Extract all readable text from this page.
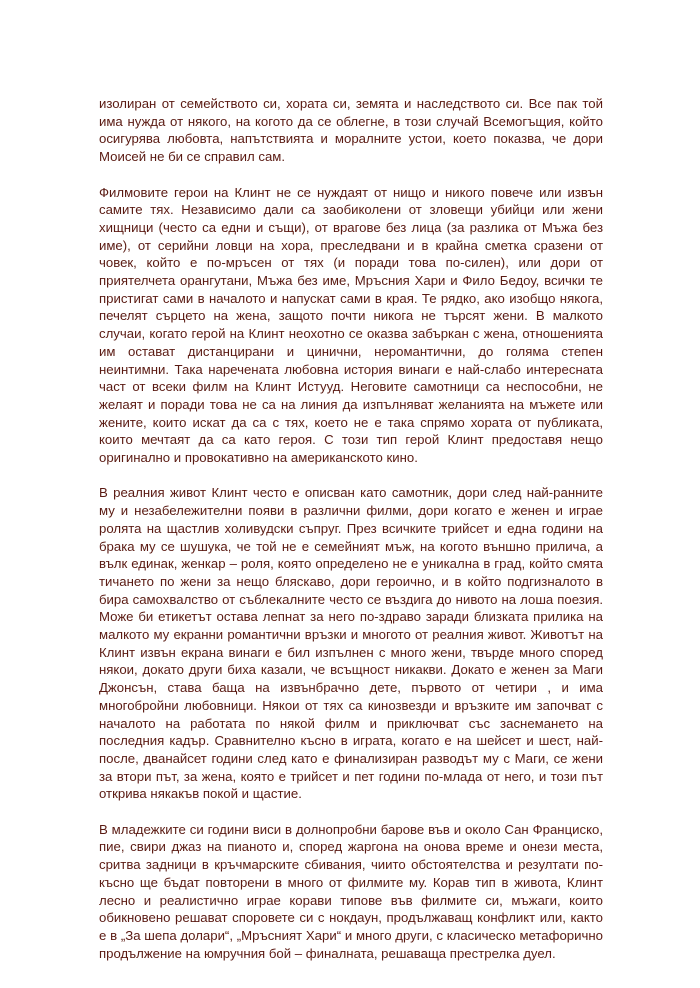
изолиран от семейството си, хората си, земята и наследството си. Все пак той има нужда от някого, на когото да се облегне, в този случай Всемогъщия, който осигурява любовта, напътствията и моралните устои, което показва, че дори Моисей не би се справил сам.

Филмовите герои на Клинт не се нуждаят от нищо и никого повече или извън самите тях. Независимо дали са заобиколени от зловещи убийци или жени хищници (често са едни и същи), от врагове без лица (за разлика от Мъжа без име), от серийни ловци на хора, преследвани и в крайна сметка сразени от човек, който е по-мръсен от тях (и поради това по-силен), или дори от приятелчета орангутани, Мъжа без име, Мръсния Хари и Фило Бедоу, всички те пристигат сами в началото и напускат сами в края. Те рядко, ако изобщо някога, печелят сърцето на жена, защото почти никога не търсят жени. В малкото случаи, когато герой на Клинт неохотно се оказва забъркан с жена, отношенията им остават дистанцирани и цинични, неромантични, до голяма степен неинтимни. Така наречената любовна история винаги е най-слабо интересната част от всеки филм на Клинт Истууд. Неговите самотници са неспособни, не желаят и поради това не са на линия да изпълняват желанията на мъжете или жените, които искат да са с тях, което не е така спрямо хората от публиката, които мечтаят да са като героя. С този тип герой Клинт предоставя нещо оригинално и провокативно на американското кино.

В реалния живот Клинт често е описван като самотник, дори след най-ранните му и незабележителни появи в различни филми, дори когато е женен и играе ролята на щастлив холивудски съпруг. През всичките трийсет и една години на брака му се шушука, че той не е семейният мъж, на когото външно прилича, а вълк единак, женкар – роля, която определено не е уникална в град, който смята тичането по жени за нещо бляскаво, дори героично, и в който подгизналото в бира самохвалство от съблекалните често се въздига до нивото на лоша поезия. Може би етикетът остава лепнат за него по-здраво заради близката прилика на малкото му екранни романтични връзки и многото от реалния живот. Животът на Клинт извън екрана винаги е бил изпълнен с много жени, твърде много според някои, докато други биха казали, че всъщност никакви. Докато е женен за Маги Джонсън, става баща на извънбрачно дете, първото от четири , и има многобройни любовници. Някои от тях са кинозвезди и връзките им започват с началото на работата по някой филм и приключват със заснемането на последния кадър. Сравнително късно в играта, когато е на шейсет и шест, най-после, дванайсет години след като е финализиран разводът му с Маги, се жени за втори път, за жена, която е трийсет и пет години по-млада от него, и този път открива някакъв покой и щастие.

В младежките си години виси в долнопробни барове във и около Сан Франциско, пие, свири джаз на пианото и, според жаргона на онова време и онези места, сритва задници в кръчмарските сбивания, чиито обстоятелства и резултати по-късно ще бъдат повторени в много от филмите му. Корав тип в живота, Клинт лесно и реалистично играе корави типове във филмите си, мъжаги, които обикновено решават споровете си с нокдаун, продължаващ конфликт или, както е в „За шепа долари“, „Мръсният Хари“ и много други, с класическо метафорично продължение на юмручния бой – финалната, решаваща престрелка дуел.
